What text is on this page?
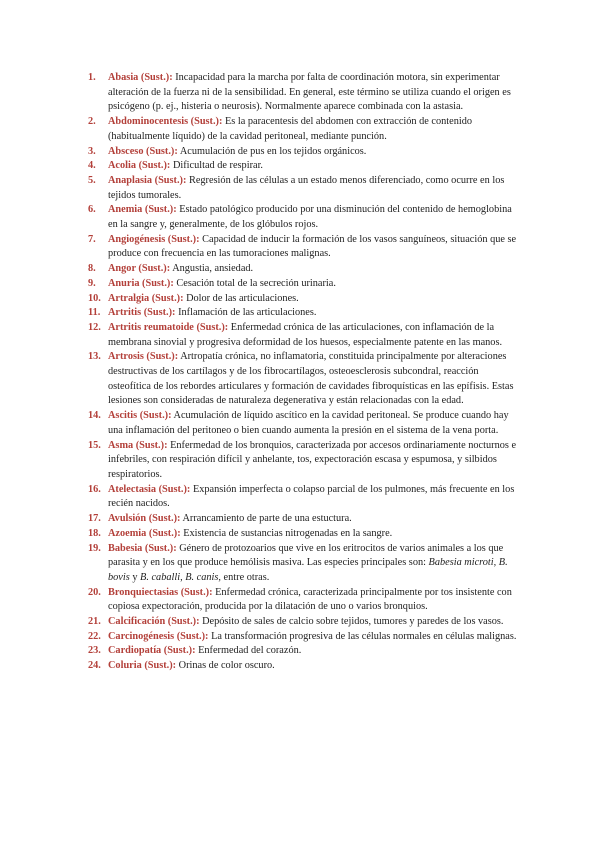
1.	Abasia (Sust.): Incapacidad para la marcha por falta de coordinación motora, sin experimentar alteración de la fuerza ni de la sensibilidad. En general, este término se utiliza cuando el origen es psicógeno (p. ej., histeria o neurosis). Normalmente aparece combinada con la astasia.
2.	Abdominocentesis (Sust.): Es la paracentesis del abdomen con extracción de contenido (habitualmente líquido) de la cavidad peritoneal, mediante punción.
3.	Absceso (Sust.): Acumulación de pus en los tejidos orgánicos.
4.	Acolia (Sust.): Dificultad de respirar.
5.	Anaplasia (Sust.): Regresión de las células a un estado menos diferenciado, como ocurre en los tejidos tumorales.
6.	Anemia (Sust.): Estado patológico producido por una disminución del contenido de hemoglobina en la sangre y, generalmente, de los glóbulos rojos.
7.	Angiogénesis (Sust.): Capacidad de inducir la formación de los vasos sanguíneos, situación que se produce con frecuencia en las tumoraciones malignas.
8.	Angor (Sust.): Angustia, ansiedad.
9.	Anuria (Sust.): Cesación total de la secreción urinaria.
10. Artralgia (Sust.): Dolor de las articulaciones.
11. Artritis (Sust.): Inflamación de las articulaciones.
12. Artritis reumatoide (Sust.): Enfermedad crónica de las articulaciones, con inflamación de la membrana sinovial y progresiva deformidad de los huesos, especialmente patente en las manos.
13. Artrosis (Sust.): Artropatía crónica, no inflamatoria, constituida principalmente por alteraciones destructivas de los cartílagos y de los fibrocartílagos, osteoesclerosis subcondral, reacción osteofítica de los rebordes articulares y formación de cavidades fibroquísticas en las epífisis. Estas lesiones son consideradas de naturaleza degenerativa y están relacionadas con la edad.
14. Ascitis (Sust.): Acumulación de líquido ascítico en la cavidad peritoneal. Se produce cuando hay una inflamación del peritoneo o bien cuando aumenta la presión en el sistema de la vena porta.
15. Asma (Sust.): Enfermedad de los bronquios, caracterizada por accesos ordinariamente nocturnos e infebriles, con respiración difícil y anhelante, tos, expectoración escasa y espumosa, y silbidos respiratorios.
16. Atelectasia (Sust.): Expansión imperfecta o colapso parcial de los pulmones, más frecuente en los recién nacidos.
17. Avulsión (Sust.): Arrancamiento de parte de una estuctura.
18. Azoemia (Sust.): Existencia de sustancias nitrogenadas en la sangre.
19. Babesia (Sust.): Género de protozoarios que vive en los eritrocitos de varios animales a los que parasita y en los que produce hemólisis masiva. Las especies principales son: Babesia microti, B. bovis y B. caballi, B. canis, entre otras.
20. Bronquiectasias (Sust.): Enfermedad crónica, caracterizada principalmente por tos insistente con copiosa expectoración, producida por la dilatación de uno o varios bronquios.
21. Calcificación (Sust.): Depósito de sales de calcio sobre tejidos, tumores y paredes de los vasos.
22. Carcinogénesis (Sust.): La transformación progresiva de las células normales en células malignas.
23. Cardiopatía (Sust.): Enfermedad del corazón.
24. Coluria (Sust.): Orinas de color oscuro.
